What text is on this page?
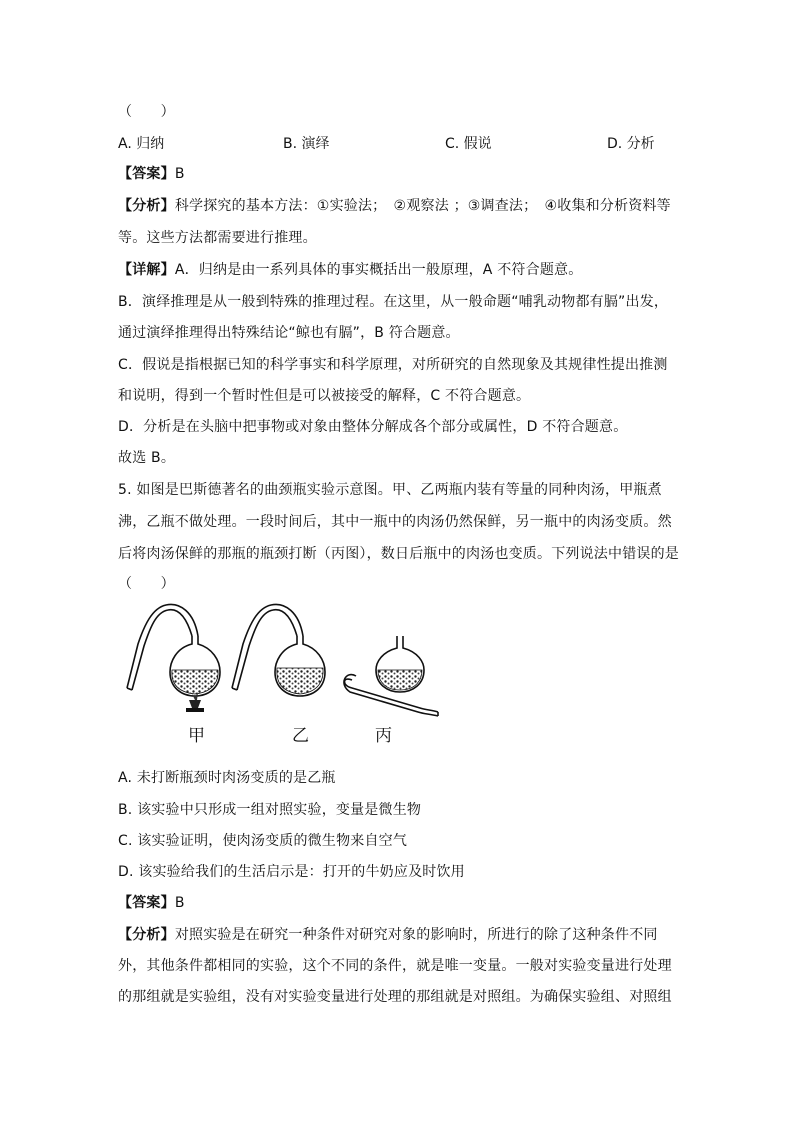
（　　）
A. 归纳	B. 演绎	C. 假说	D. 分析
【答案】B
【分析】科学探究的基本方法：①实验法；　②观察法 ；③调查法；　④收集和分析资料等
等。这些方法都需要进行推理。
【详解】A．归纳是由一系列具体的事实概括出一般原理，A 不符合题意。
B．演绎推理是从一般到特殊的推理过程。在这里，从一般命题“哺乳动物都有膈”出发，
通过演绎推理得出特殊结论“鲸也有膈”，B 符合题意。
C．假说是指根据已知的科学事实和科学原理，对所研究的自然现象及其规律性提出推测
和说明，得到一个暂时性但是可以被接受的解释，C 不符合题意。
D．分析是在头脑中把事物或对象由整体分解成各个部分或属性，D 不符合题意。
故选 B。
5. 如图是巴斯德著名的曲颈瓶实验示意图。甲、乙两瓶内装有等量的同种肉汤，甲瓶煮
沸，乙瓶不做处理。一段时间后，其中一瓶中的肉汤仍然保鲜，另一瓶中的肉汤变质。然
后将肉汤保鲜的那瓶的瓶颈打断（丙图），数日后瓶中的肉汤也变质。下列说法中错误的是
（　　）
甲	乙	丙
A. 未打断瓶颈时肉汤变质的是乙瓶
B. 该实验中只形成一组对照实验，变量是微生物
C. 该实验证明，使肉汤变质的微生物来自空气
D. 该实验给我们的生活启示是：打开的牛奶应及时饮用
【答案】B
【分析】对照实验是在研究一种条件对研究对象的影响时，所进行的除了这种条件不同
外，其他条件都相同的实验，这个不同的条件，就是唯一变量。一般对实验变量进行处理
的那组就是实验组，没有对实验变量进行处理的那组就是对照组。为确保实验组、对照组
